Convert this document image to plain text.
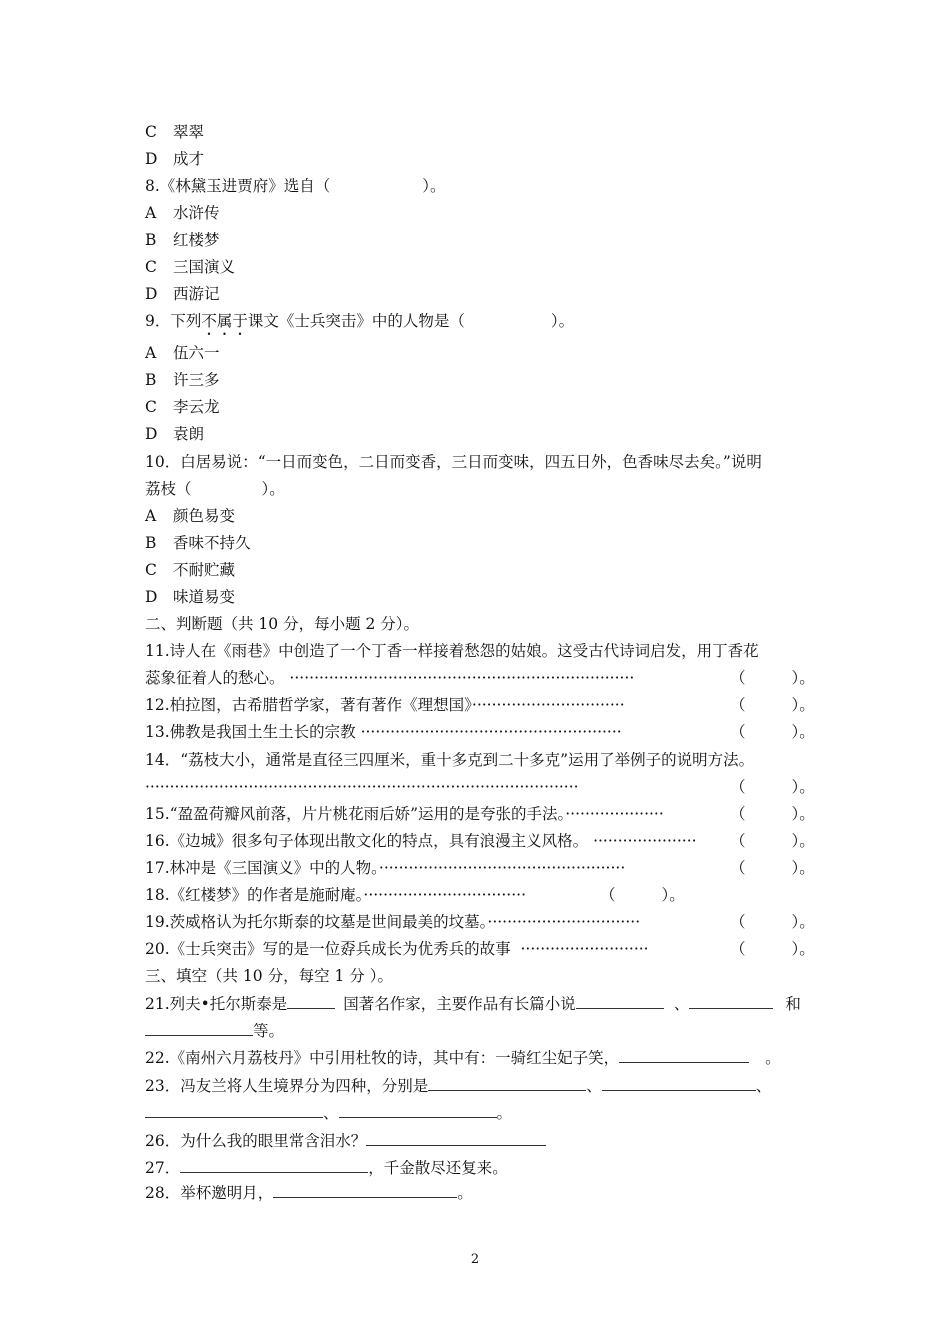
C 翠翠
D 成才
8.《林黛玉进贾府》选自（	）。
A 水浒传
B 红楼梦
C 三国演义
D 西游记
9．下列不属于课文《士兵突击》中的人物是（	）。
A 伍六一
B 许三多
C 李云龙
D 袁朗
10．白居易说：“一日而变色，二日而变香，三日而变味，四五日外，色香味尽去矣。”说明
荔枝（	）。
A 颜色易变
B 香味不持久
C 不耐贮藏
D 味道易变
二、判断题（共 10 分，每小题 2 分）。
11.诗人在《雨巷》中创造了一个丁香一样接着愁怨的姑娘。这受古代诗词启发，用丁香花
蕊象征着人的愁心。 ······································································	（	）。
12.柏拉图，古希腊哲学家，著有著作《理想国》·······························	（	）。
13.佛教是我国土生土长的宗教 ·····················································	（	）。
14．“荔枝大小，通常是直径三四厘米，重十多克到二十多克”运用了举例子的说明方法。
························································································	（	）。
15.“盈盈荷瓣风前落，片片桃花雨后娇”运用的是夸张的手法。····················	（	）。
16.《边城》很多句子体现出散文化的特点，具有浪漫主义风格。 ·····················	（	）。
17.林冲是《三国演义》中的人物。··················································	（	）。
18.《红楼梦》的作者是施耐庵。·································	（	）。
19.茨威格认为托尔斯泰的坟墓是世间最美的坟墓。·······························	（	）。
20.《士兵突击》写的是一位孬兵成长为优秀兵的故事  ··························	（	）。
三、填空（共 10 分，每空 1 分 ）。
21.列夫•托尔斯泰是	国著名作家，主要作品有长篇小说	、	和
等。
22.《南州六月荔枝丹》中引用杜牧的诗，其中有：一骑红尘妃子笑，	。
23．冯友兰将人生境界分为四种，分别是	、	、
、	。
26．为什么我的眼里常含泪水？
27．	，千金散尽还复来。
28．举杯邀明月，	。
2
